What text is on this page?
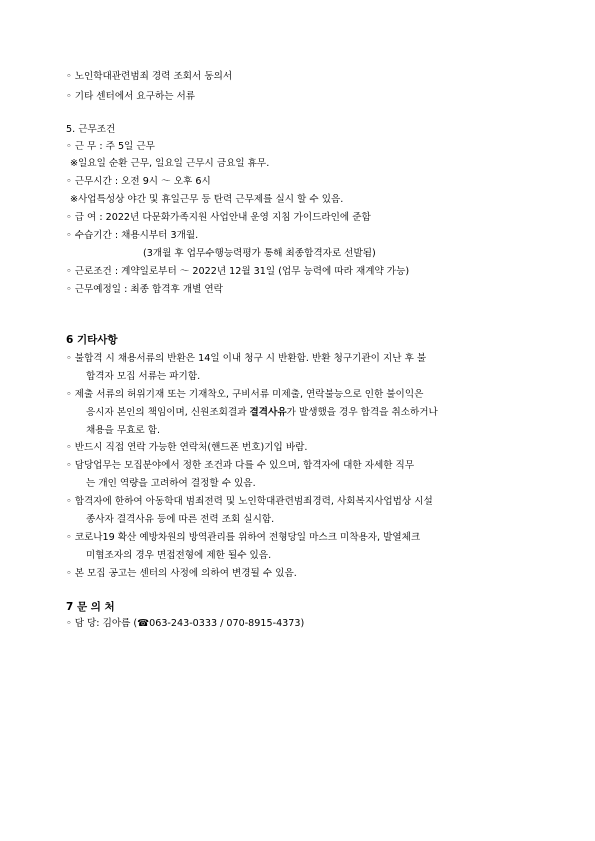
◦ 노인학대관련범죄 경력 조회서 동의서
◦ 기타 센터에서 요구하는 서류
5. 근무조건
◦ 근 무 : 주 5일 근무
※일요일 순환 근무, 일요일 근무시 금요일 휴무.
◦ 근무시간 : 오전 9시 ～ 오후 6시
※사업특성상 야간 및 휴일근무 등 탄력 근무제를 실시 할 수 있음.
◦ 급 여 : 2022년 다문화가족지원 사업안내 운영 지침 가이드라인에 준함
◦ 수습기간 : 채용시부터 3개월.
(3개월 후 업무수행능력평가 통해 최종합격자로 선발됨)
◦ 근로조건 : 계약일로부터 ～ 2022년 12월 31일 (업무 능력에 따라 재계약 가능)
◦ 근무예정일 : 최종 합격후 개별 연락
6 기타사항
◦ 불합격 시 채용서류의 반환은 14일 이내 청구 시 반환함. 반환 청구기관이 지난 후 불
합격자 모집 서류는 파기함.
◦ 제출 서류의 허위기재 또는 기재착오, 구비서류 미제출, 연락불능으로 인한 불이익은
응시자 본인의 책임이며, 신원조회결과 결격사유가 발생했을 경우 합격을 취소하거나
채용을 무효로 함.
◦ 반드시 직접 연락 가능한 연락처(핸드폰 번호)기입 바람.
◦ 담당업무는 모집분야에서 정한 조건과 다를 수 있으며, 합격자에 대한 자세한 직무
는 개인 역량을 고려하여 결정할 수 있음.
◦ 합격자에 한하여 아동학대 범죄전력 및 노인학대관련범죄경력, 사회복지사업법상 시설
종사자 결격사유 등에 따른 전력 조회 실시함.
◦ 코로나19 확산 예방차원의 방역관리를 위하여 전형당일 마스크 미착용자, 발열체크
미협조자의 경우 면접전형에 제한 될수 있음.
◦ 본 모집 공고는 센터의 사정에 의하여 변경될 수 있음.
7 문 의 처
◦ 담 당: 김아름 (☎063-243-0333 / 070-8915-4373)
